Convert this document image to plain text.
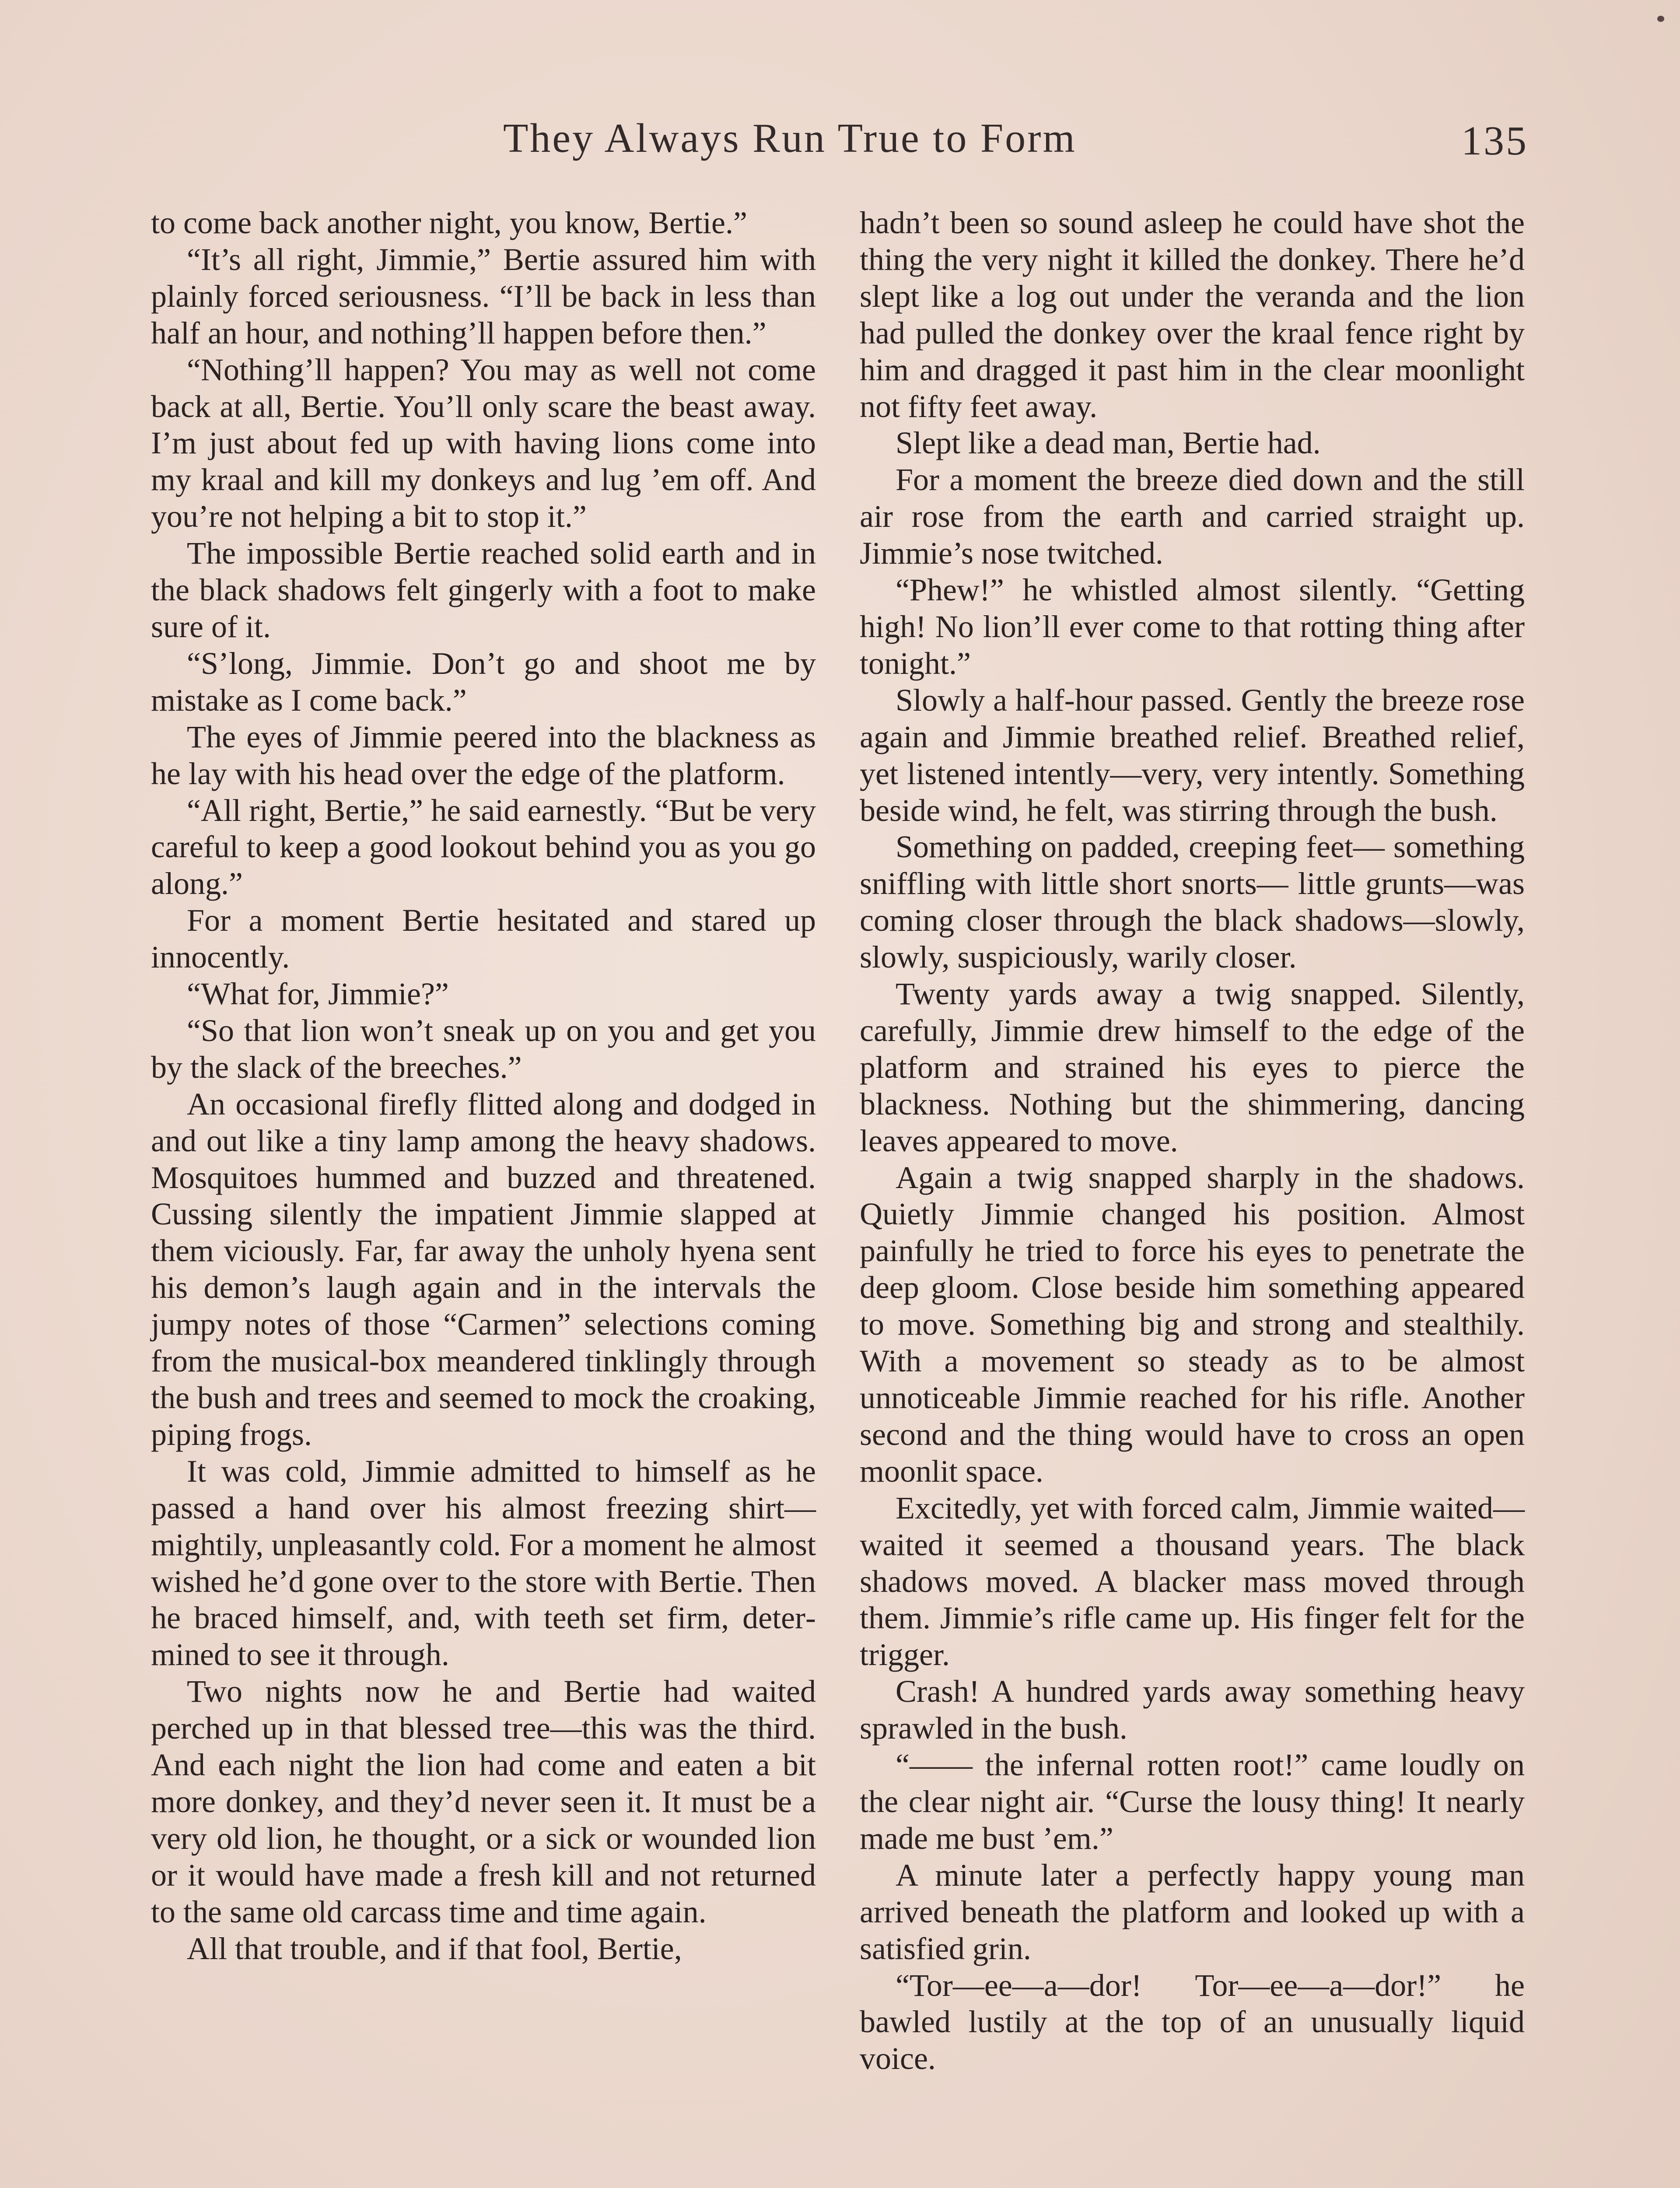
They Always Run True to Form	135

to come back another night, you know, Bertie.”

“It’s all right, Jimmie,” Bertie assured him with plainly forced seriousness. “I’ll be back in less than half an hour, and nothing’ll happen before then.”

“Nothing’ll happen? You may as well not come back at all, Bertie. You’ll only scare the beast away. I’m just about fed up with having lions come into my kraal and kill my donkeys and lug ’em off. And you’re not helping a bit to stop it.”

The impossible Bertie reached solid earth and in the black shadows felt gingerly with a foot to make sure of it.

“S’long, Jimmie. Don’t go and shoot me by mistake as I come back.”

The eyes of Jimmie peered into the blackness as he lay with his head over the edge of the platform.

“All right, Bertie,” he said earnestly. “But be very careful to keep a good lookout behind you as you go along.”

For a moment Bertie hesitated and stared up innocently.

“What for, Jimmie?”

“So that lion won’t sneak up on you and get you by the slack of the breeches.”

An occasional firefly flitted along and dodged in and out like a tiny lamp among the heavy shadows. Mosquitoes hummed and buzzed and threatened. Cussing silently the impatient Jimmie slapped at them viciously. Far, far away the unholy hyena sent his demon’s laugh again and in the intervals the jumpy notes of those “Carmen” selections coming from the musical-box meandered tinklingly through the bush and trees and seemed to mock the croaking, piping frogs.

It was cold, Jimmie admitted to himself as he passed a hand over his almost freezing shirt—mightily, unpleasantly cold. For a moment he almost wished he’d gone over to the store with Bertie. Then he braced himself, and, with teeth set firm, determined to see it through.

Two nights now he and Bertie had waited perched up in that blessed tree—this was the third. And each night the lion had come and eaten a bit more donkey, and they’d never seen it. It must be a very old lion, he thought, or a sick or wounded lion or it would have made a fresh kill and not returned to the same old carcass time and time again.

All that trouble, and if that fool, Bertie,

hadn’t been so sound asleep he could have shot the thing the very night it killed the donkey. There he’d slept like a log out under the veranda and the lion had pulled the donkey over the kraal fence right by him and dragged it past him in the clear moonlight not fifty feet away.

Slept like a dead man, Bertie had.

For a moment the breeze died down and the still air rose from the earth and carried straight up. Jimmie’s nose twitched.

“Phew!” he whistled almost silently. “Getting high! No lion’ll ever come to that rotting thing after tonight.”

Slowly a half-hour passed. Gently the breeze rose again and Jimmie breathed relief. Breathed relief, yet listened intently—very, very intently. Something beside wind, he felt, was stirring through the bush.

Something on padded, creeping feet— something sniffling with little short snorts— little grunts—was coming closer through the black shadows—slowly, slowly, suspiciously, warily closer.

Twenty yards away a twig snapped. Silently, carefully, Jimmie drew himself to the edge of the platform and strained his eyes to pierce the blackness. Nothing but the shimmering, dancing leaves appeared to move.

Again a twig snapped sharply in the shadows. Quietly Jimmie changed his position. Almost painfully he tried to force his eyes to penetrate the deep gloom. Close beside him something appeared to move. Something big and strong and stealthily. With a movement so steady as to be almost unnoticeable Jimmie reached for his rifle. Another second and the thing would have to cross an open moonlit space.

Excitedly, yet with forced calm, Jimmie waited—waited it seemed a thousand years. The black shadows moved. A blacker mass moved through them. Jimmie’s rifle came up. His finger felt for the trigger.

Crash! A hundred yards away something heavy sprawled in the bush.

“—— the infernal rotten root!” came loudly on the clear night air. “Curse the lousy thing! It nearly made me bust ’em.”

A minute later a perfectly happy young man arrived beneath the platform and looked up with a satisfied grin.

“Tor—ee—a—dor! Tor—ee—a—dor!” he bawled lustily at the top of an unusually liquid voice.
